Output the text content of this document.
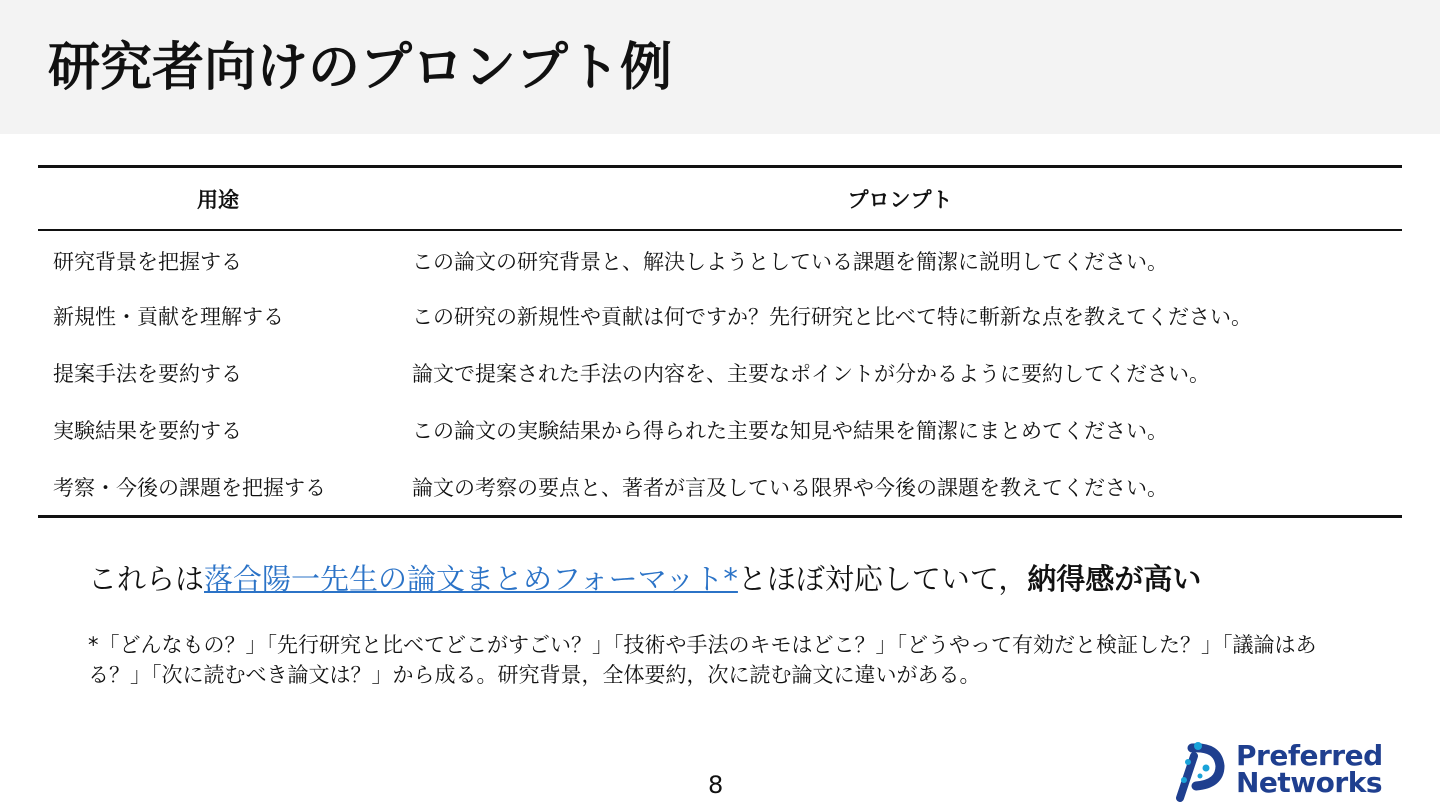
研究者向けのプロンプト例
用途	プロンプト
研究背景を把握する	この論文の研究背景と、解決しようとしている課題を簡潔に説明してください。
新規性・貢献を理解する	この研究の新規性や貢献は何ですか？先行研究と比べて特に斬新な点を教えてください。
提案手法を要約する	論文で提案された手法の内容を、主要なポイントが分かるように要約してください。
実験結果を要約する	この論文の実験結果から得られた主要な知見や結果を簡潔にまとめてください。
考察・今後の課題を把握する	論文の考察の要点と、著者が言及している限界や今後の課題を教えてください。

これらは落合陽一先生の論文まとめフォーマット*とほぼ対応していて，納得感が高い

*「どんなもの？」「先行研究と比べてどこがすごい？」「技術や手法のキモはどこ？」「どうやって有効だと検証した？」「議論はある？」「次に読むべき論文は？」から成る。研究背景，全体要約，次に読む論文に違いがある。

8
Preferred
Networks
